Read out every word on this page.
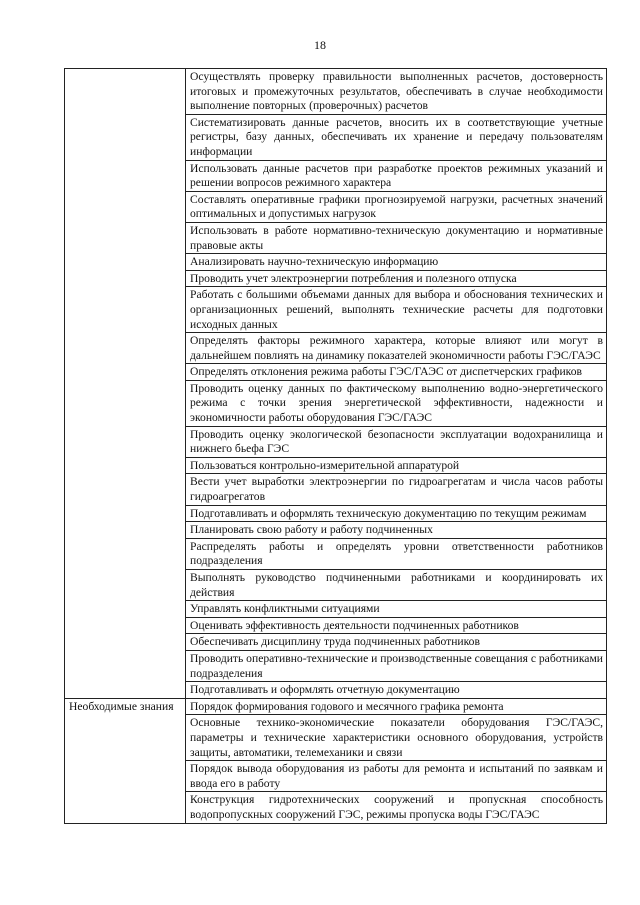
18
	Осуществлять проверку правильности выполненных расчетов, достоверность итоговых и промежуточных результатов, обеспечивать в случае необходимости выполнение повторных (проверочных) расчетов
	Систематизировать данные расчетов, вносить их в соответствующие учетные регистры, базу данных, обеспечивать их хранение и передачу пользователям информации
	Использовать данные расчетов при разработке проектов режимных указаний и решении вопросов режимного характера
	Составлять оперативные графики прогнозируемой нагрузки, расчетных значений оптимальных и допустимых нагрузок
	Использовать в работе нормативно-техническую документацию и нормативные правовые акты
	Анализировать научно-техническую информацию
	Проводить учет электроэнергии потребления и полезного отпуска
	Работать с большими объемами данных для выбора и обоснования технических и организационных решений, выполнять технические расчеты для подготовки исходных данных
	Определять факторы режимного характера, которые влияют или могут в дальнейшем повлиять на динамику показателей экономичности работы ГЭС/ГАЭС
	Определять отклонения режима работы ГЭС/ГАЭС от диспетчерских графиков
	Проводить оценку данных по фактическому выполнению водно-энергетического режима с точки зрения энергетической эффективности, надежности и экономичности работы оборудования ГЭС/ГАЭС
	Проводить оценку экологической безопасности эксплуатации водохранилища и нижнего бьефа ГЭС
	Пользоваться контрольно-измерительной аппаратурой
	Вести учет выработки электроэнергии по гидроагрегатам и числа часов работы гидроагрегатов
	Подготавливать и оформлять техническую документацию по текущим режимам
	Планировать свою работу и работу подчиненных
	Распределять работы и определять уровни ответственности работников подразделения
	Выполнять руководство подчиненными работниками и координировать их действия
	Управлять конфликтными ситуациями
	Оценивать эффективность деятельности подчиненных работников
	Обеспечивать дисциплину труда подчиненных работников
	Проводить оперативно-технические и производственные совещания с работниками подразделения
	Подготавливать и оформлять отчетную документацию
Необходимые знания	Порядок формирования годового и месячного графика ремонта
	Основные технико-экономические показатели оборудования ГЭС/ГАЭС, параметры и технические характеристики основного оборудования, устройств защиты, автоматики, телемеханики и связи
	Порядок вывода оборудования из работы для ремонта и испытаний по заявкам и ввода его в работу
	Конструкция гидротехнических сооружений и пропускная способность водопропускных сооружений ГЭС, режимы пропуска воды ГЭС/ГАЭС
